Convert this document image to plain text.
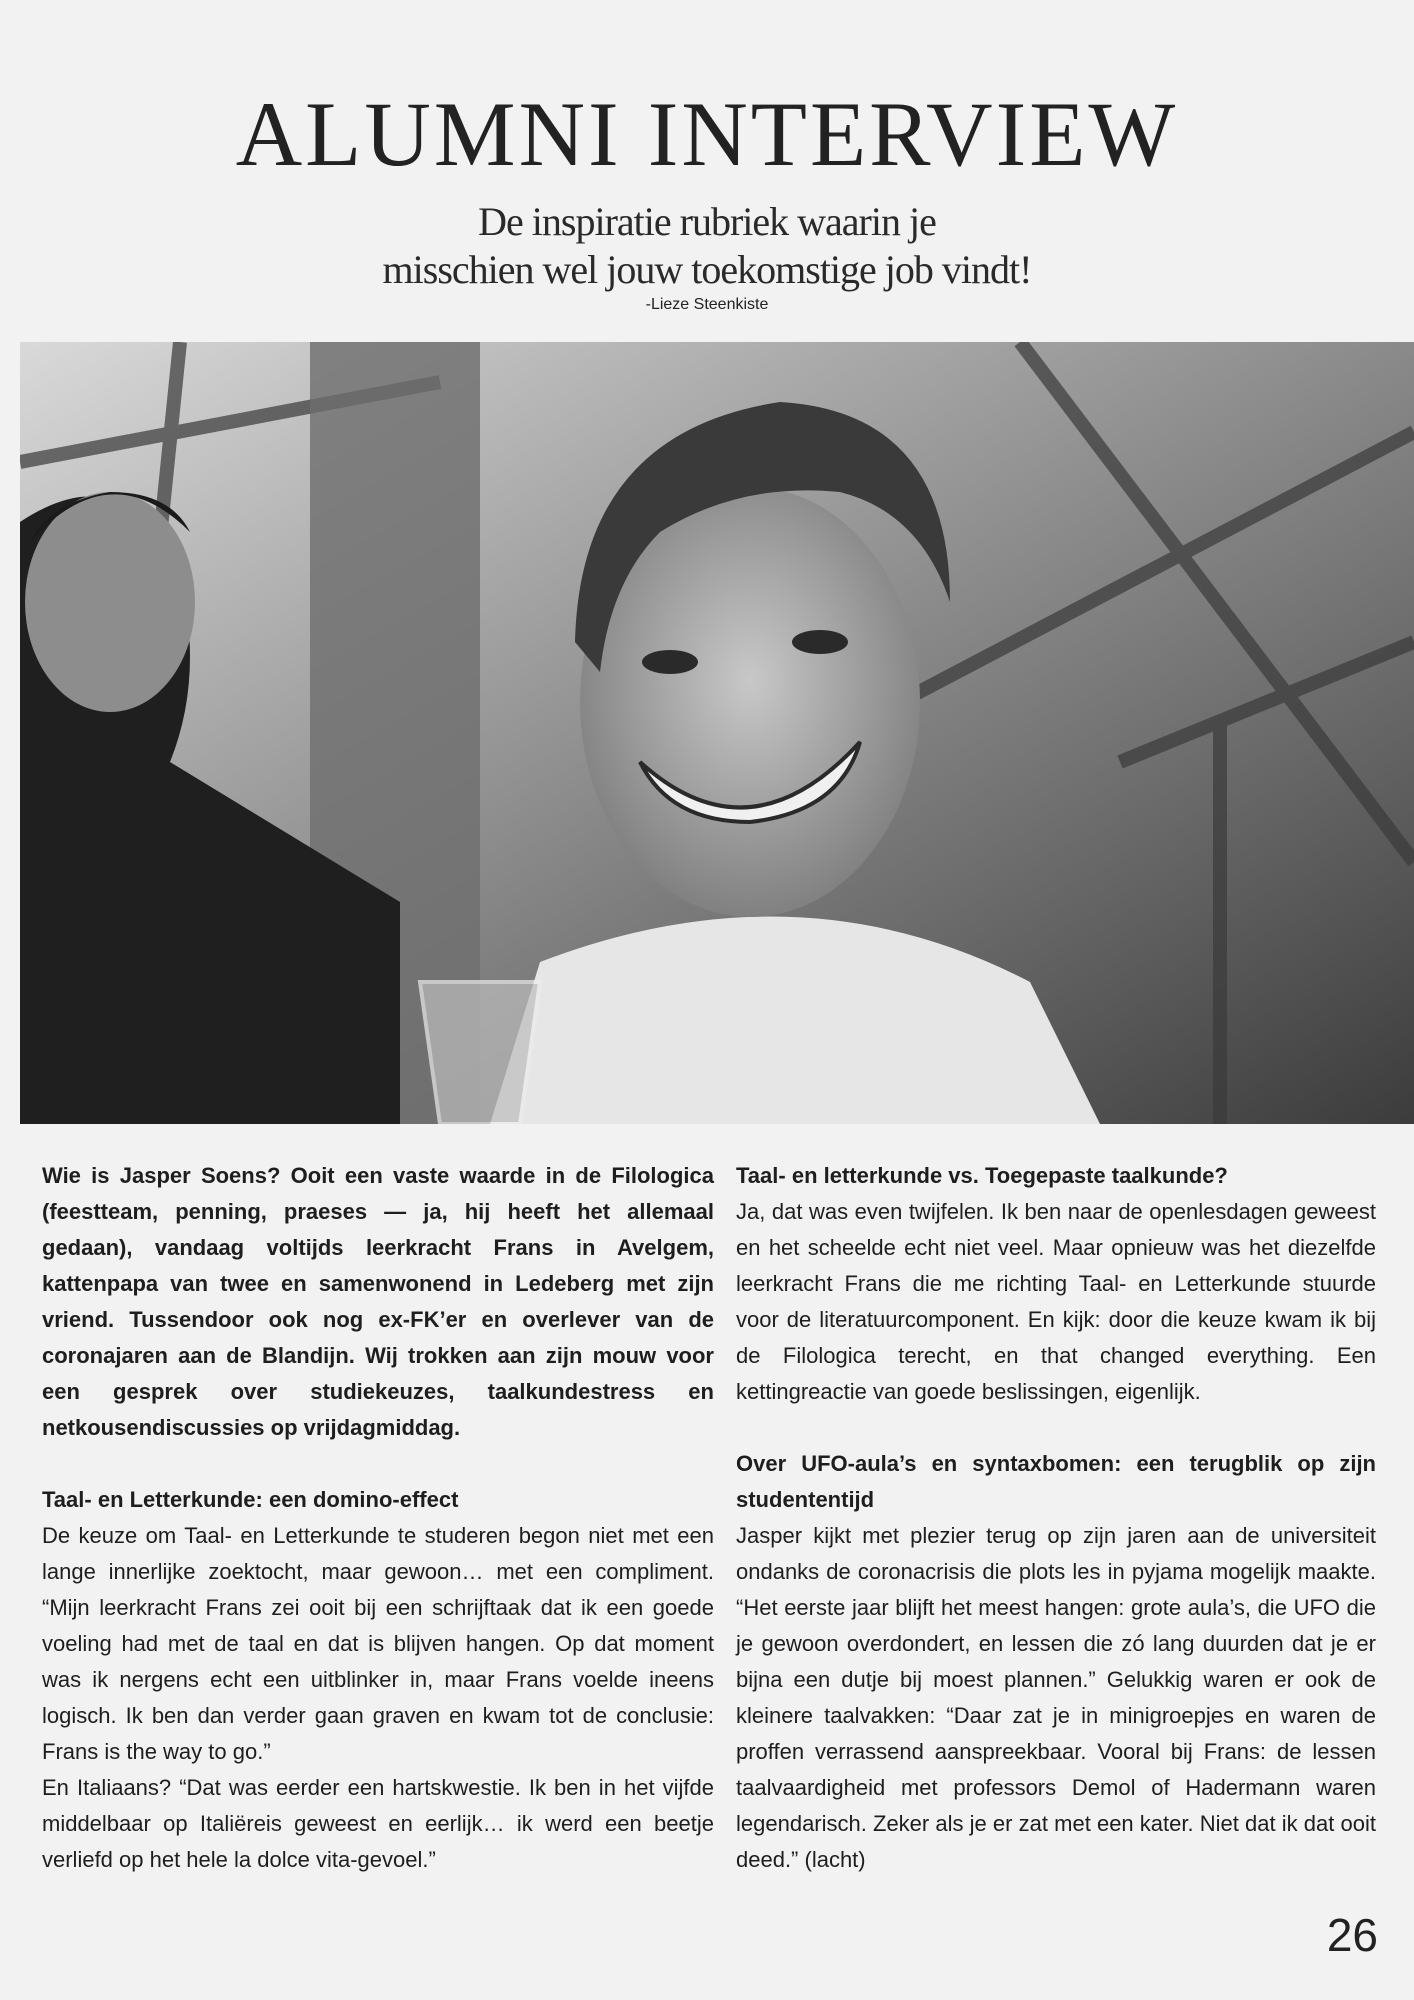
ALUMNI INTERVIEW
De inspiratie rubriek waarin je
misschien wel jouw toekomstige job vindt!
-Lieze Steenkiste

Wie is Jasper Soens? Ooit een vaste waarde in de Filologica (feestteam, penning, praeses — ja, hij heeft het allemaal gedaan), vandaag voltijds leerkracht Frans in Avelgem, kattenpapa van twee en samenwonend in Ledeberg met zijn vriend. Tussendoor ook nog ex-FK’er en overlever van de coronajaren aan de Blandijn. Wij trokken aan zijn mouw voor een gesprek over studiekeuzes, taalkundestress en netkousendiscussies op vrijdagmiddag.

Taal- en Letterkunde: een domino-effect

De keuze om Taal- en Letterkunde te studeren begon niet met een lange innerlijke zoektocht, maar gewoon… met een compliment. “Mijn leerkracht Frans zei ooit bij een schrijftaak dat ik een goede voeling had met de taal en dat is blijven hangen. Op dat moment was ik nergens echt een uitblinker in, maar Frans voelde ineens logisch. Ik ben dan verder gaan graven en kwam tot de conclusie: Frans is the way to go.”

En Italiaans? “Dat was eerder een hartskwestie. Ik ben in het vijfde middelbaar op Italiëreis geweest en eerlijk… ik werd een beetje verliefd op het hele la dolce vita-gevoel.”

Taal- en letterkunde vs. Toegepaste taalkunde?

Ja, dat was even twijfelen. Ik ben naar de openlesdagen geweest en het scheelde echt niet veel. Maar opnieuw was het diezelfde leerkracht Frans die me richting Taal- en Letterkunde stuurde voor de literatuurcomponent. En kijk: door die keuze kwam ik bij de Filologica terecht, en that changed everything. Een kettingreactie van goede beslissingen, eigenlijk.

Over UFO-aula’s en syntaxbomen: een terugblik op zijn studententijd

Jasper kijkt met plezier terug op zijn jaren aan de universiteit ondanks de coronacrisis die plots les in pyjama mogelijk maakte. “Het eerste jaar blijft het meest hangen: grote aula’s, die UFO die je gewoon overdondert, en lessen die zó lang duurden dat je er bijna een dutje bij moest plannen.” Gelukkig waren er ook de kleinere taalvakken: “Daar zat je in minigroepjes en waren de proffen verrassend aanspreekbaar. Vooral bij Frans: de lessen taalvaardigheid met professors Demol of Hadermann waren legendarisch. Zeker als je er zat met een kater. Niet dat ik dat ooit deed.” (lacht)

26
